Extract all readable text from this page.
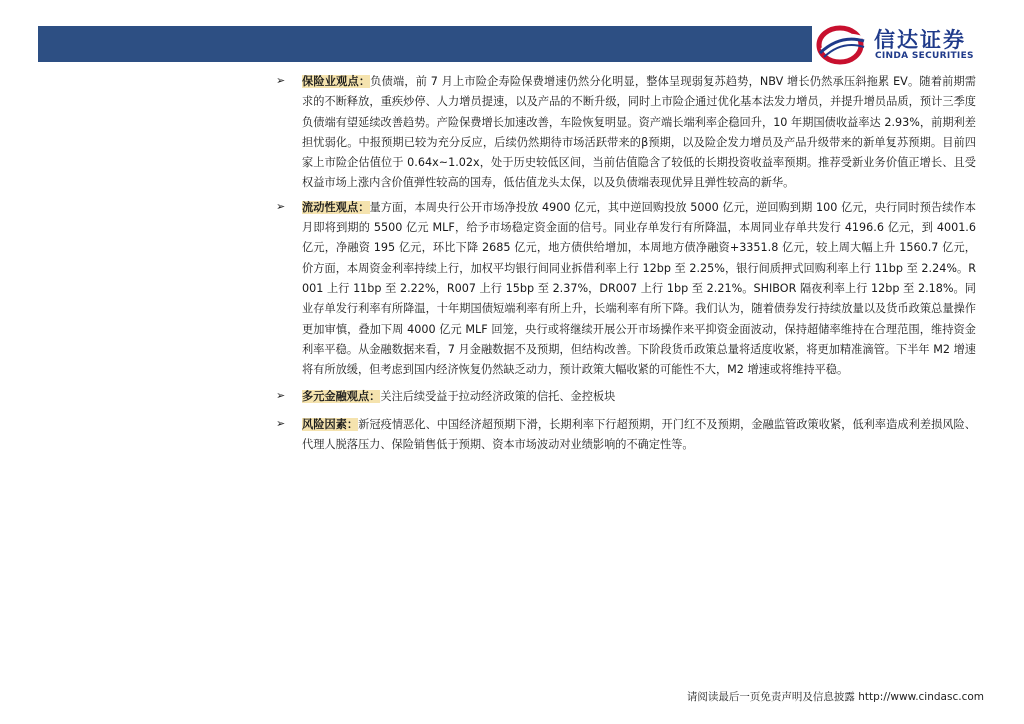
信达证券
CINDA SECURITIES
➢ 保险业观点：负债端，前 7 月上市险企寿险保费增速仍然分化明显，整体呈现弱复苏趋势，NBV 增长仍然承压斜拖累 EV。随着前期需求的不断释放，重疾炒停、人力增员提速，以及产品的不断升级，同时上市险企通过优化基本法发力增员，并提升增员品质，预计三季度负债端有望延续改善趋势。产险保费增长加速改善，车险恢复明显。资产端长端利率企稳回升，10 年期国债收益率达 2.93%，前期利差担忧弱化。中报预期已较为充分反应，后续仍然期待市场活跃带来的β预期，以及险企发力增员及产品升级带来的新单复苏预期。目前四家上市险企估值位于 0.64x~1.02x，处于历史较低区间，当前估值隐含了较低的长期投资收益率预期。推荐受新业务价值正增长、且受权益市场上涨内含价值弹性较高的国寿，低估值龙头太保，以及负债端表现优异且弹性较高的新华。
➢ 流动性观点：量方面，本周央行公开市场净投放 4900 亿元，其中逆回购投放 5000 亿元，逆回购到期 100 亿元，央行同时预告续作本月即将到期的 5500 亿元 MLF，给予市场稳定资金面的信号。同业存单发行有所降温，本周同业存单共发行 4196.6 亿元，到 4001.6 亿元，净融资 195 亿元，环比下降 2685 亿元，地方债供给增加，本周地方债净融资+3351.8 亿元，较上周大幅上升 1560.7 亿元，价方面，本周资金利率持续上行，加权平均银行间同业拆借利率上行 12bp 至 2.25%，银行间质押式回购利率上行 11bp 至 2.24%。R001 上行 11bp 至 2.22%，R007 上行 15bp 至 2.37%，DR007 上行 1bp 至 2.21%。SHIBOR 隔夜利率上行 12bp 至 2.18%。同业存单发行利率有所降温，十年期国债短端利率有所上升，长端利率有所下降。我们认为，随着债券发行持续放量以及货币政策总量操作更加审慎，叠加下周 4000 亿元 MLF 回笼，央行或将继续开展公开市场操作来平抑资金面波动，保持超储率维持在合理范围，维持资金利率平稳。从金融数据来看，7 月金融数据不及预期，但结构改善。下阶段货币政策总量将适度收紧，将更加精准滴管。下半年 M2 增速将有所放缓，但考虑到国内经济恢复仍然缺乏动力，预计政策大幅收紧的可能性不大，M2 增速或将维持平稳。
➢ 多元金融观点：关注后续受益于拉动经济政策的信托、金控板块
➢ 风险因素：新冠疫情恶化、中国经济超预期下滑，长期利率下行超预期，开门红不及预期，金融监管政策收紧，低利率造成利差损风险、代理人脱落压力、保险销售低于预期、资本市场波动对业绩影响的不确定性等。
请阅读最后一页免责声明及信息披露 http://www.cindasc.com
